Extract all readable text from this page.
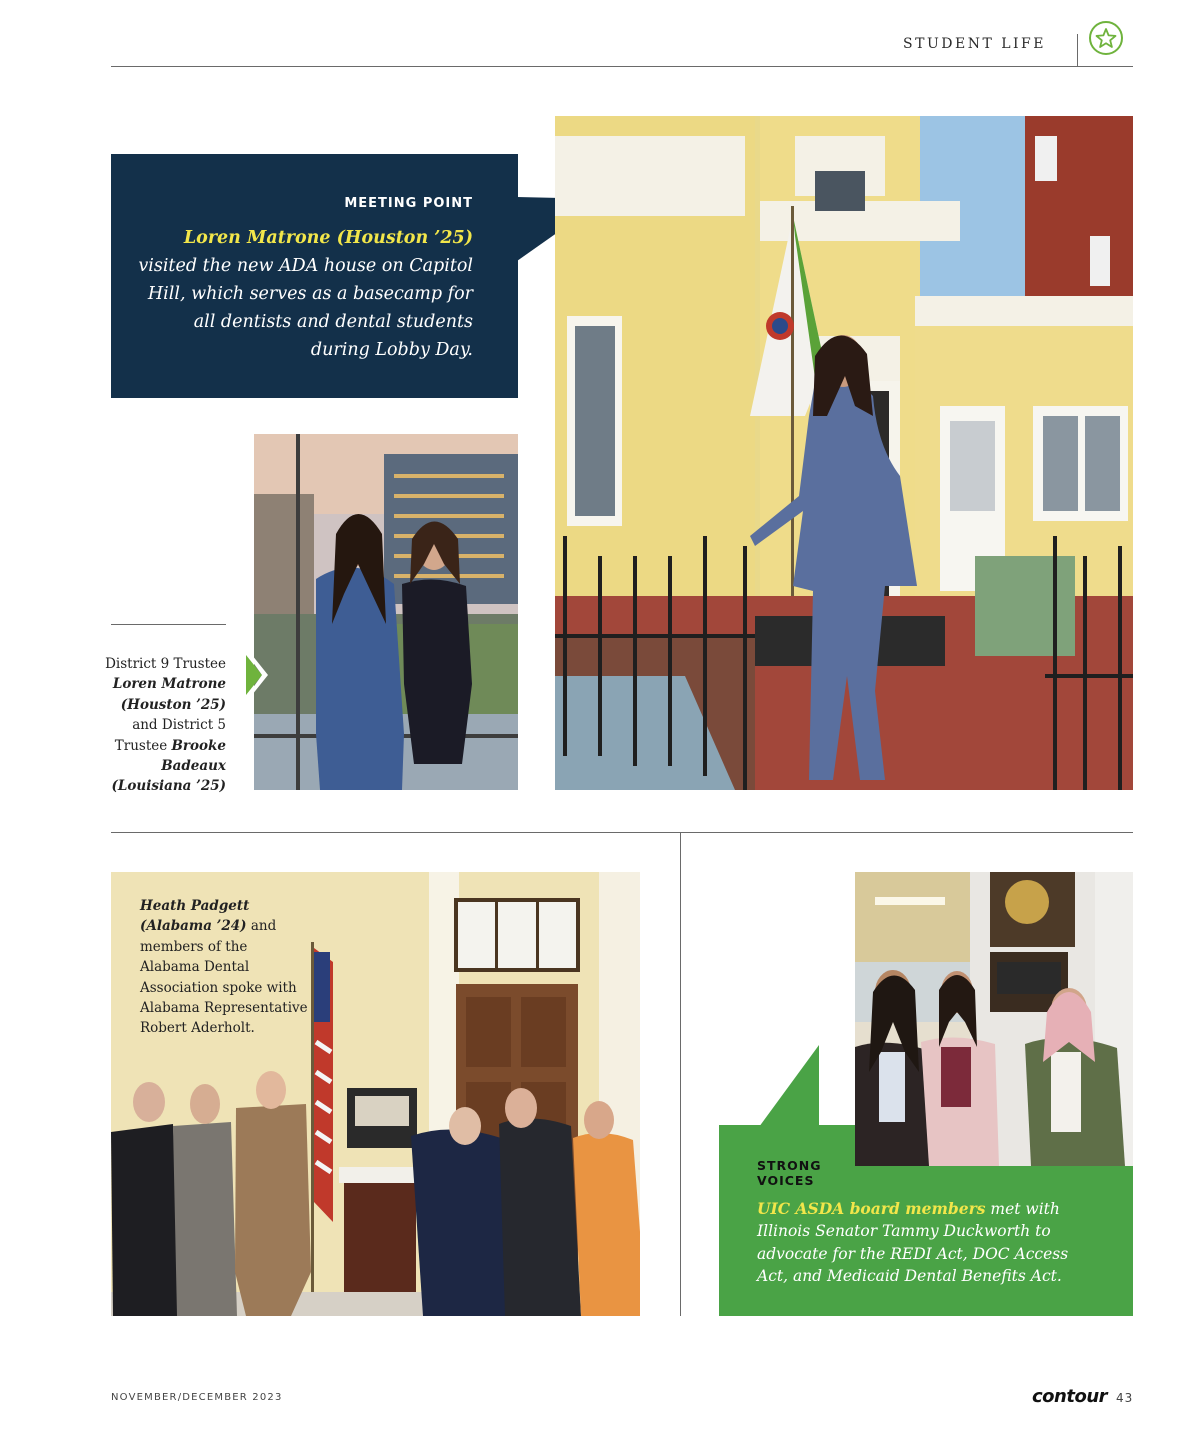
STUDENT LIFE
MEETING POINT
Loren Matrone (Houston ’25)
visited the new ADA house on Capitol Hill, which serves as a basecamp for all dentists and dental students during Lobby Day.
District 9 Trustee Loren Matrone (Houston ’25) and District 5 Trustee Brooke Badeaux (Louisiana ’25)
Heath Padgett (Alabama ’24) and members of the Alabama Dental Association spoke with Alabama Representative Robert Aderholt.
STRONG VOICES
UIC ASDA board members met with Illinois Senator Tammy Duckworth to advocate for the REDI Act, DOC Access Act, and Medicaid Dental Benefits Act.
NOVEMBER/DECEMBER 2023	contour 43
